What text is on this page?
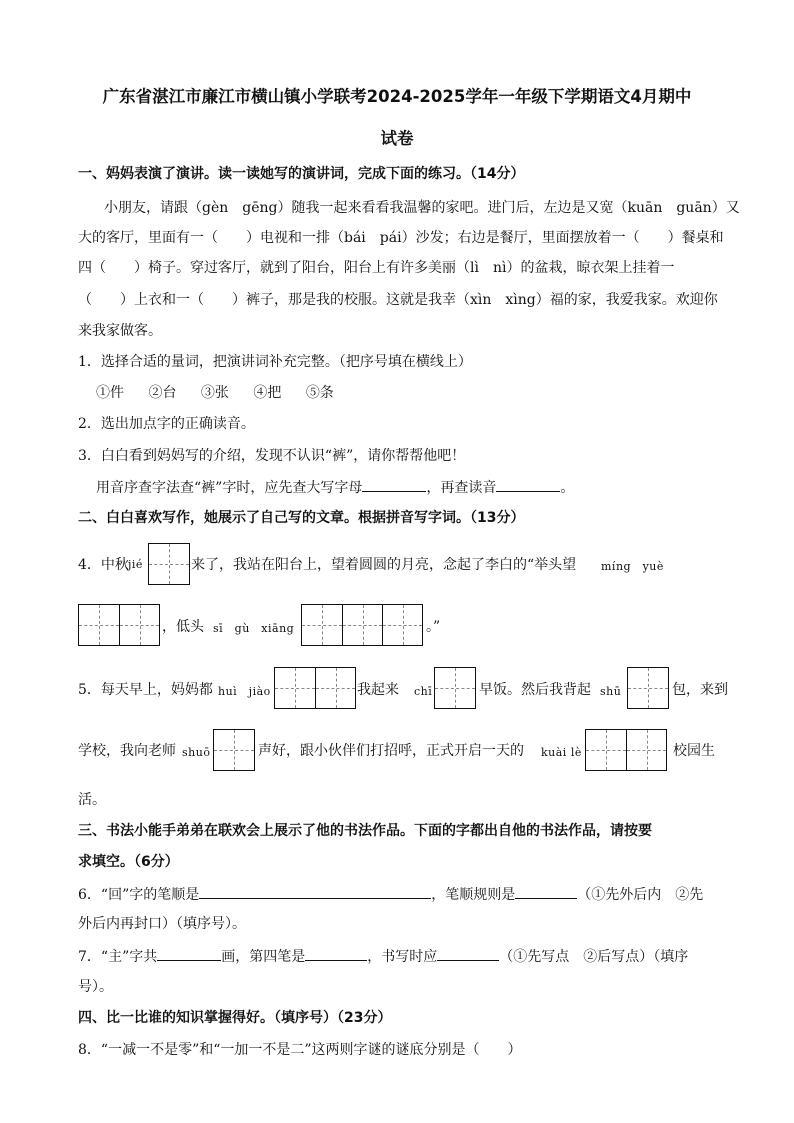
广东省湛江市廉江市横山镇小学联考2024-2025学年一年级下学期语文4月期中
试卷
一、妈妈表演了演讲。读一读她写的演讲词，完成下面的练习。（14分）
小朋友，请跟（gèn　gēng）随我一起来看看我温馨的家吧。进门后，左边是又宽（kuān　guān）又
大的客厅，里面有一（　　）电视和一排（bái　pái）沙发；右边是餐厅，里面摆放着一（　　）餐桌和
四（　　）椅子。穿过客厅，就到了阳台，阳台上有许多美丽（lì　nì）的盆栽，晾衣架上挂着一
（　　）上衣和一（　　）裤子，那是我的校服。这就是我幸（xìn　xìng）福的家，我爱我家。欢迎你
来我家做客。
1．选择合适的量词，把演讲词补充完整。（把序号填在横线上）
①件 ②台 ③张 ④把 ⑤条
2．选出加点字的正确读音。
3．白白看到妈妈写的介绍，发现不认识“裤”，请你帮帮他吧！
用音序查字法查“裤”字时，应先查大写字母	，再查读音	。
二、白白喜欢写作，她展示了自己写的文章。根据拼音写字词。（13分）
4．中秋 jié	来了，我站在阳台上，望着圆圆的月亮，念起了李白的“举头望 míng　yuè
，低头 sī　gù　xiāng	。”
5．每天早上，妈妈都 huì　jiào	我起来 chī	早饭。然后我背起 shū	包，来到
学校，我向老师 shuō	声好，跟小伙伴们打招呼，正式开启一天的 kuài lè	校园生
活。
三、书法小能手弟弟在联欢会上展示了他的书法作品。下面的字都出自他的书法作品，请按要
求填空。（6分）
6．“回”字的笔顺是	，笔顺规则是	（①先外后内　②先
外后内再封口）（填序号）。
7．“主”字共	画，第四笔是	，书写时应	（①先写点　②后写点）（填序
号）。
四、比一比谁的知识掌握得好。（填序号）（23分）
8．“一减一不是零”和“一加一不是二”这两则字谜的谜底分别是（　　）
